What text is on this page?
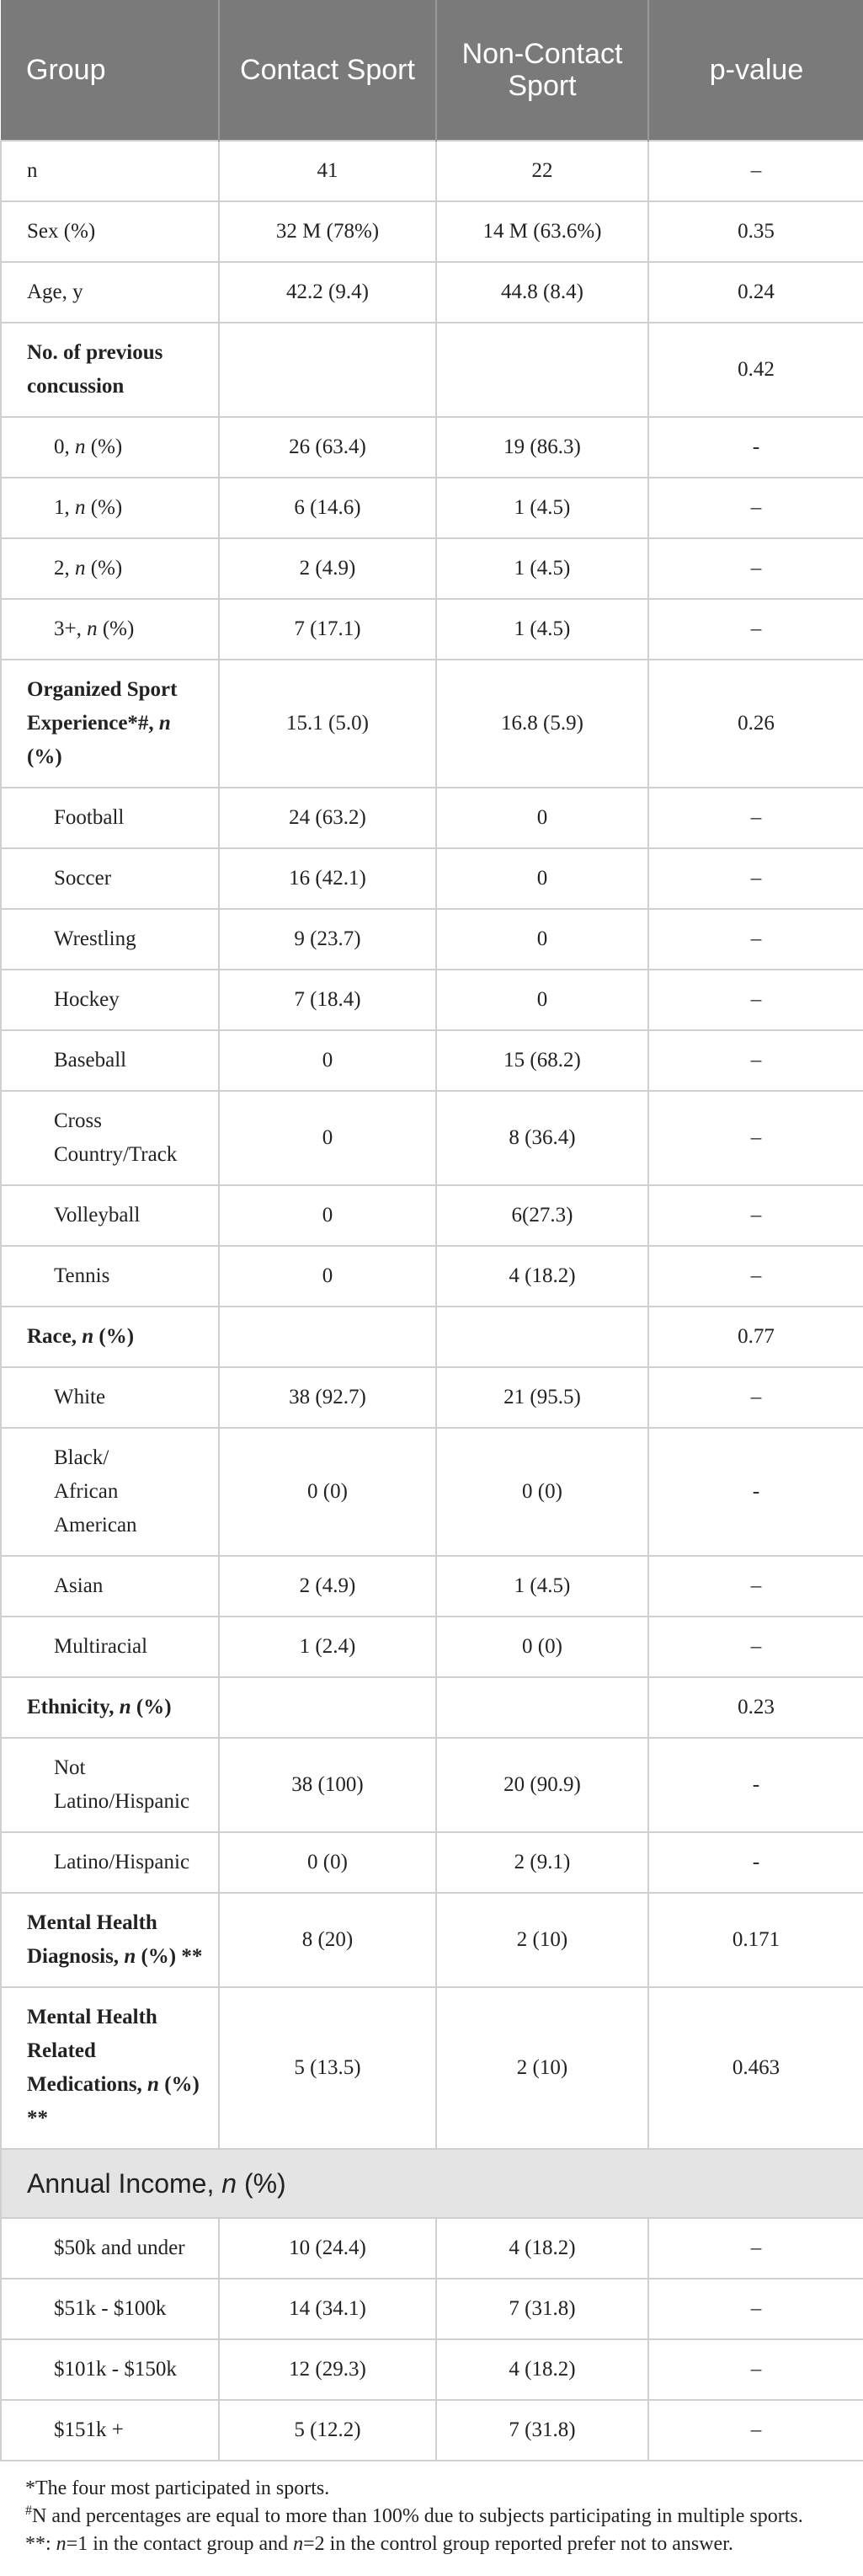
Group	Contact Sport	Non-Contact Sport	p-value
n	41	22	–
Sex (%)	32 M (78%)	14 M (63.6%)	0.35
Age, y	42.2 (9.4)	44.8 (8.4)	0.24

No. of previous concussion			0.42
0, n (%)	26 (63.4)	19 (86.3)	-
1, n (%)	6 (14.6)	1 (4.5)	–
2, n (%)	2 (4.9)	1 (4.5)	–
3+, n (%)	7 (17.1)	1 (4.5)	–

Organized Sport Experience*#, n (%)	15.1 (5.0)	16.8 (5.9)	0.26
Football	24 (63.2)	0	–
Soccer	16 (42.1)	0	–
Wrestling	9 (23.7)	0	–
Hockey	7 (18.4)	0	–
Baseball	0	15 (68.2)	–

Cross Country/Track	0	8 (36.4)	–
Volleyball	0	6(27.3)	–
Tennis	0	4 (18.2)	–
Race, n (%)			0.77
White	38 (92.7)	21 (95.5)	–

Black/ African American	0 (0)	0 (0)	-
Asian	2 (4.9)	1 (4.5)	–
Multiracial	1 (2.4)	0 (0)	–
Ethnicity, n (%)			0.23

Not Latino/Hispanic	38 (100)	20 (90.9)	-
Latino/Hispanic	0 (0)	2 (9.1)	-

Mental Health Diagnosis, n (%) **	8 (20)	2 (10)	0.171

Mental Health Related Medications, n (%) **	5 (13.5)	2 (10)	0.463
Annual Income, n (%)			
$50k and under	10 (24.4)	4 (18.2)	–
$51k - $100k	14 (34.1)	7 (31.8)	–
$101k - $150k	12 (29.3)	4 (18.2)	–
$151k +	5 (12.2)	7 (31.8)	–

*The four most participated in sports.

#N and percentages are equal to more than 100% due to subjects participating in multiple sports.

**: n=1 in the contact group and n=2 in the control group reported prefer not to answer.
